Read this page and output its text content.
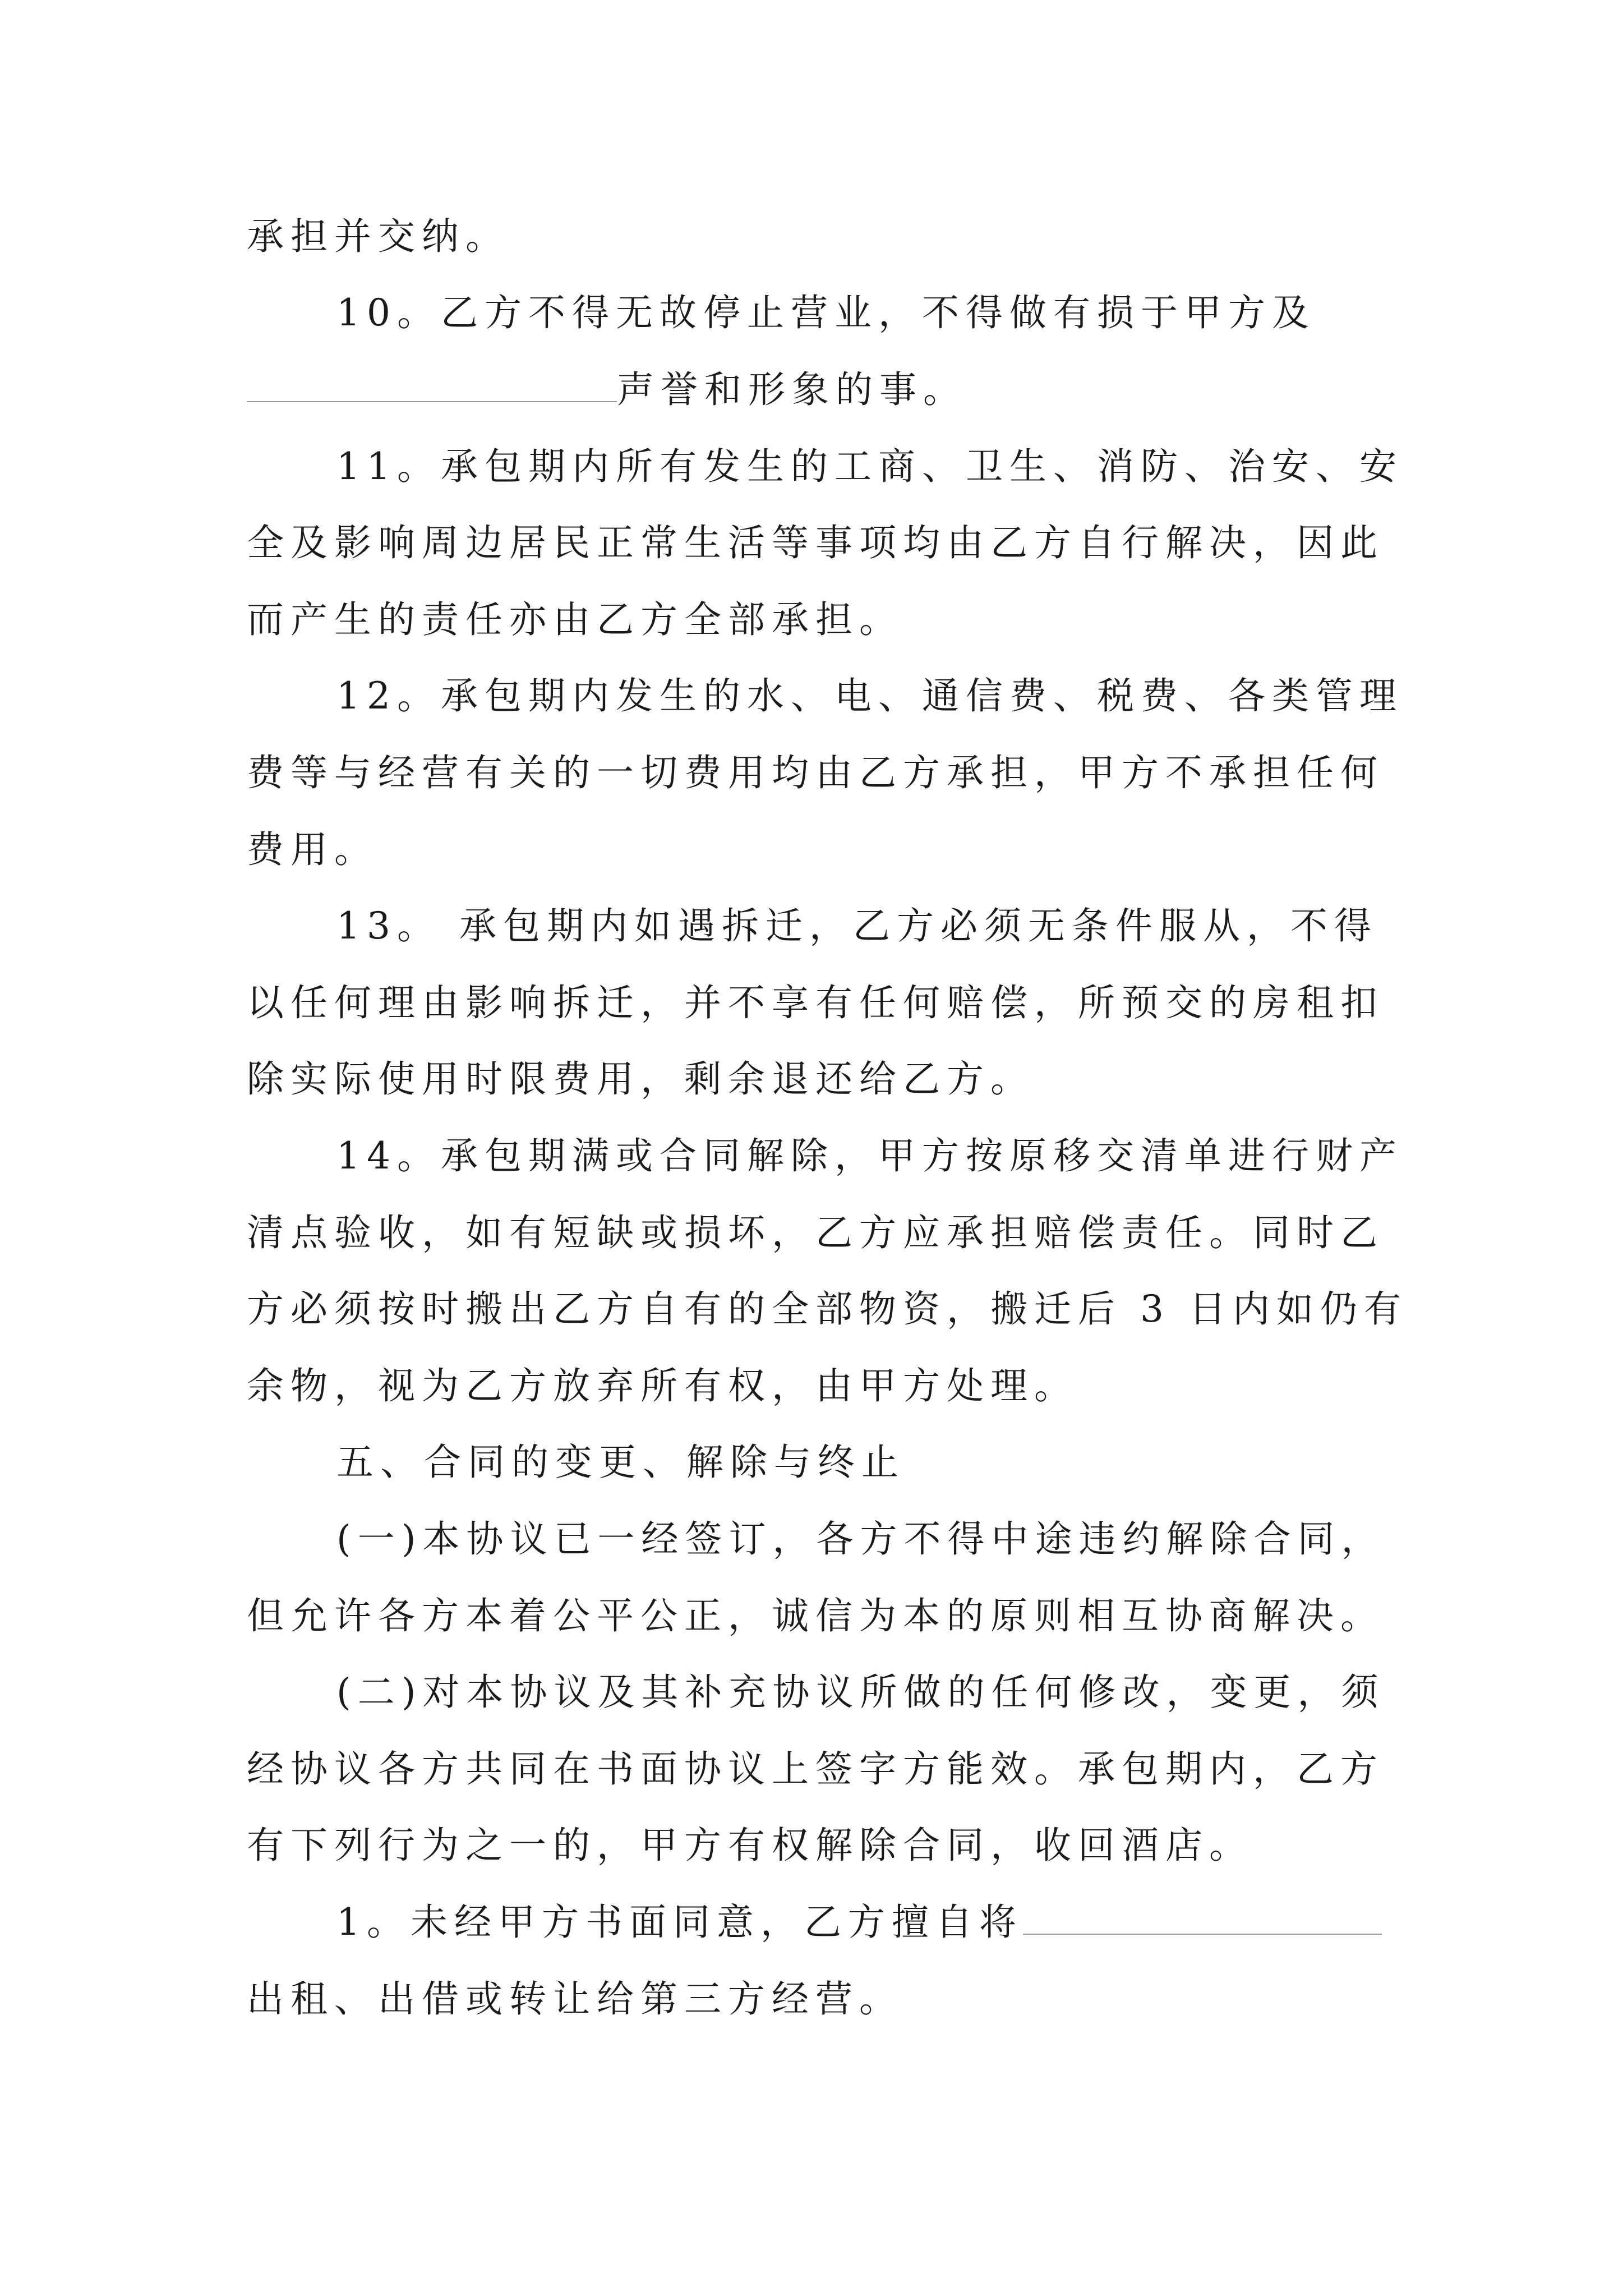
承担并交纳。
10。乙方不得无故停止营业，不得做有损于甲方及
声誉和形象的事。
11。承包期内所有发生的工商、卫生、消防、治安、安
全及影响周边居民正常生活等事项均由乙方自行解决，因此
而产生的责任亦由乙方全部承担。
12。承包期内发生的水、电、通信费、税费、各类管理
费等与经营有关的一切费用均由乙方承担，甲方不承担任何
费用。
13。 承包期内如遇拆迁，乙方必须无条件服从，不得
以任何理由影响拆迁，并不享有任何赔偿，所预交的房租扣
除实际使用时限费用，剩余退还给乙方。
14。承包期满或合同解除，甲方按原移交清单进行财产
清点验收，如有短缺或损坏，乙方应承担赔偿责任。同时乙
方必须按时搬出乙方自有的全部物资，搬迁后 3 日内如仍有
余物，视为乙方放弃所有权，由甲方处理。
五、合同的变更、解除与终止
(一)本协议已一经签订，各方不得中途违约解除合同，
但允许各方本着公平公正，诚信为本的原则相互协商解决。
(二)对本协议及其补充协议所做的任何修改，变更，须
经协议各方共同在书面协议上签字方能效。承包期内，乙方
有下列行为之一的，甲方有权解除合同，收回酒店。
1。未经甲方书面同意，乙方擅自将
出租、出借或转让给第三方经营。
